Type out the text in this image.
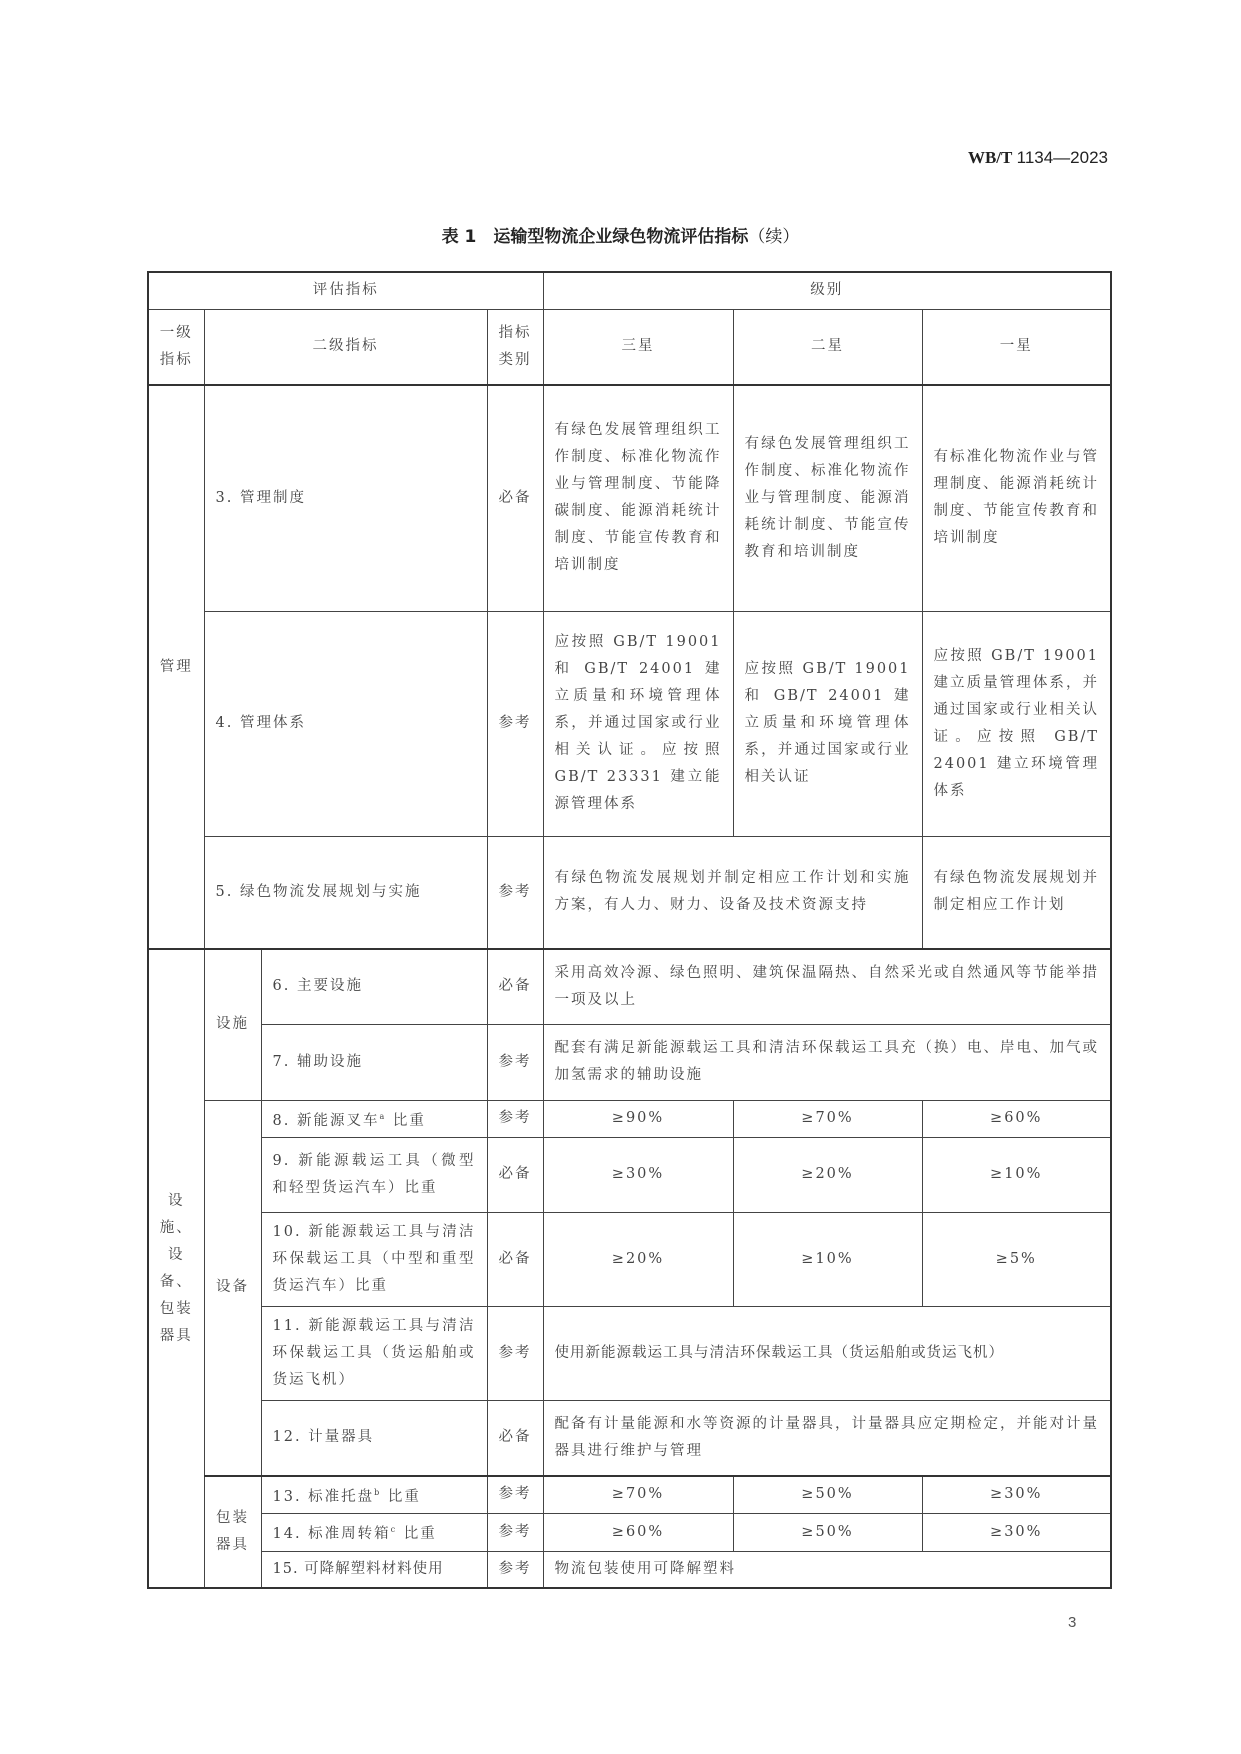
WB/T 1134—2023
表 1　运输型物流企业绿色物流评估指标（续）
评估指标				级别		
一级指标	二级指标		指标类别	三星	二星	一星
管理	3. 管理制度		必备	有绿色发展管理组织工作制度、标准化物流作业与管理制度、节能降碳制度、能源消耗统计制度、节能宣传教育和培训制度	有绿色发展管理组织工作制度、标准化物流作业与管理制度、能源消耗统计制度、节能宣传教育和培训制度	有标准化物流作业与管理制度、能源消耗统计制度、节能宣传教育和培训制度
	4. 管理体系		参考	应按照 GB/T 19001 和 GB/T 24001 建立质量和环境管理体系，并通过国家或行业相关认证。应按照 GB/T 23331 建立能源管理体系	应按照 GB/T 19001 和 GB/T 24001 建立质量和环境管理体系，并通过国家或行业相关认证	应按照 GB/T 19001 建立质量管理体系，并通过国家或行业相关认证。应按照 GB/T 24001 建立环境管理体系
	5. 绿色物流发展规划与实施		参考	有绿色物流发展规划并制定相应工作计划和实施方案，有人力、财力、设备及技术资源支持		有绿色物流发展规划并制定相应工作计划
设施、设备、包装器具	设施	6. 主要设施	必备	采用高效冷源、绿色照明、建筑保温隔热、自然采光或自然通风等节能举措一项及以上		
		7. 辅助设施	参考	配套有满足新能源载运工具和清洁环保载运工具充（换）电、岸电、加气或加氢需求的辅助设施		
	设备	8. 新能源叉车$^a$ 比重	参考	≥90%	≥70%	≥60%
		9. 新能源载运工具（微型和轻型货运汽车）比重	必备	≥30%	≥20%	≥10%
		10. 新能源载运工具与清洁环保载运工具（中型和重型货运汽车）比重	必备	≥20%	≥10%	≥5%
		11. 新能源载运工具与清洁环保载运工具（货运船舶或货运飞机）	参考	使用新能源载运工具与清洁环保载运工具（货运船舶或货运飞机）		
		12. 计量器具	必备	配备有计量能源和水等资源的计量器具，计量器具应定期检定，并能对计量器具进行维护与管理		
	包装器具	13. 标准托盘$^b$ 比重	参考	≥70%	≥50%	≥30%
		14. 标准周转箱$^c$ 比重	参考	≥60%	≥50%	≥30%
		15. 可降解塑料材料使用	参考	物流包装使用可降解塑料		
3
